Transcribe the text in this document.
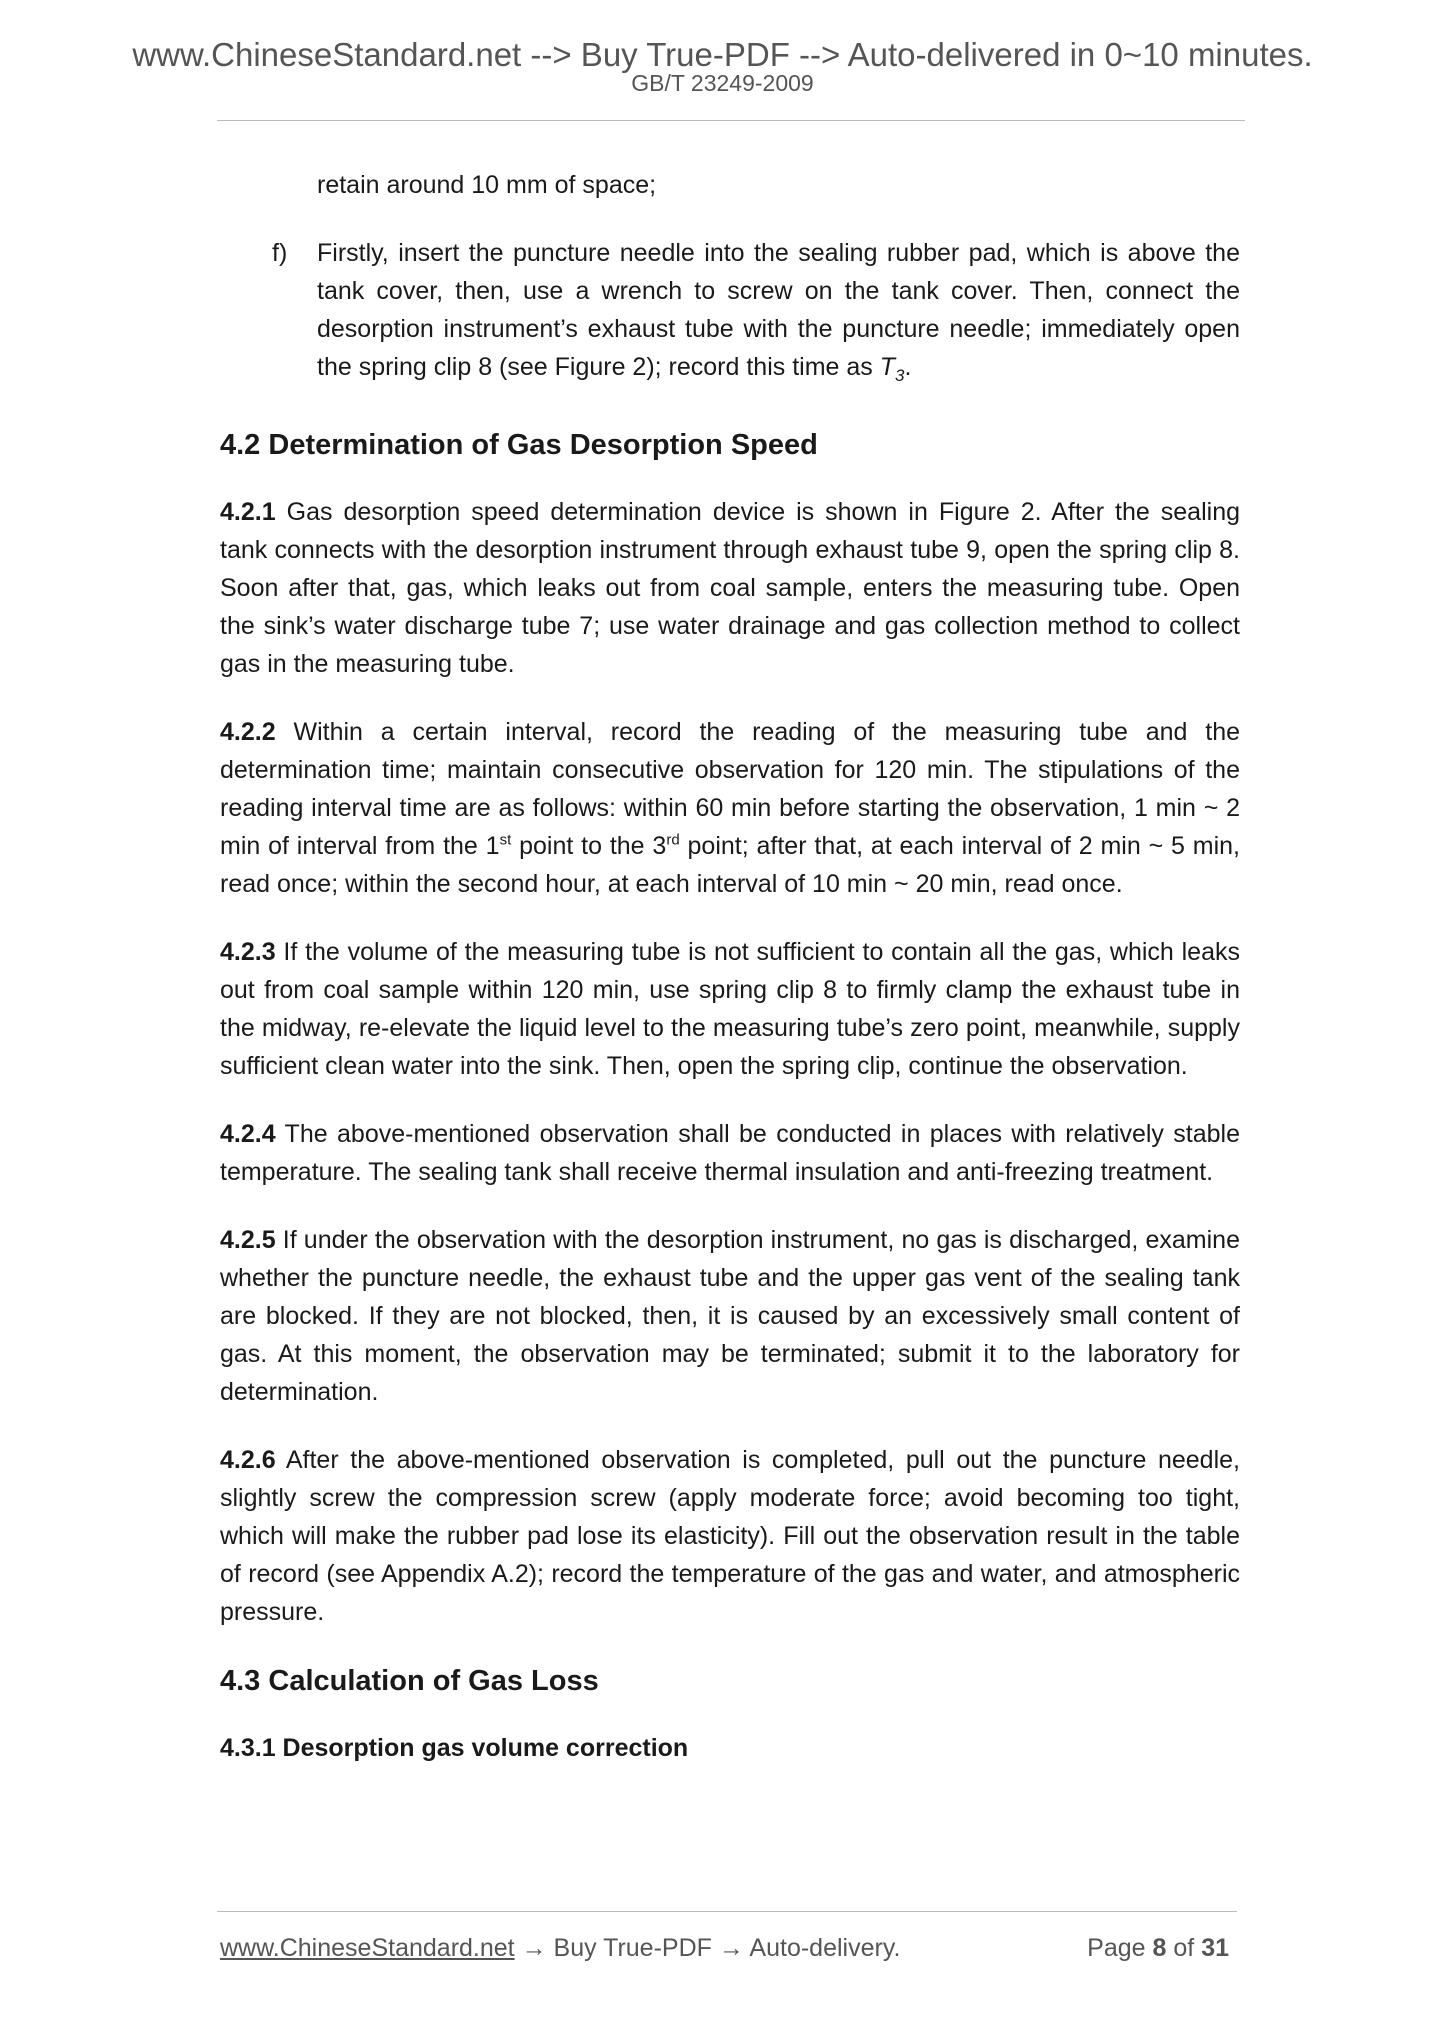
www.ChineseStandard.net --> Buy True-PDF --> Auto-delivered in 0~10 minutes.
GB/T 23249-2009

retain around 10 mm of space;

f) Firstly, insert the puncture needle into the sealing rubber pad, which is above the tank cover, then, use a wrench to screw on the tank cover. Then, connect the desorption instrument’s exhaust tube with the puncture needle; immediately open the spring clip 8 (see Figure 2); record this time as $T_3$.

4.2 Determination of Gas Desorption Speed

4.2.1 Gas desorption speed determination device is shown in Figure 2. After the sealing tank connects with the desorption instrument through exhaust tube 9, open the spring clip 8. Soon after that, gas, which leaks out from coal sample, enters the measuring tube. Open the sink’s water discharge tube 7; use water drainage and gas collection method to collect gas in the measuring tube.

4.2.2 Within a certain interval, record the reading of the measuring tube and the determination time; maintain consecutive observation for 120 min. The stipulations of the reading interval time are as follows: within 60 min before starting the observation, 1 min ~ 2 min of interval from the 1st point to the 3rd point; after that, at each interval of 2 min ~ 5 min, read once; within the second hour, at each interval of 10 min ~ 20 min, read once.

4.2.3 If the volume of the measuring tube is not sufficient to contain all the gas, which leaks out from coal sample within 120 min, use spring clip 8 to firmly clamp the exhaust tube in the midway, re-elevate the liquid level to the measuring tube’s zero point, meanwhile, supply sufficient clean water into the sink. Then, open the spring clip, continue the observation.

4.2.4 The above-mentioned observation shall be conducted in places with relatively stable temperature. The sealing tank shall receive thermal insulation and anti-freezing treatment.

4.2.5 If under the observation with the desorption instrument, no gas is discharged, examine whether the puncture needle, the exhaust tube and the upper gas vent of the sealing tank are blocked. If they are not blocked, then, it is caused by an excessively small content of gas. At this moment, the observation may be terminated; submit it to the laboratory for determination.

4.2.6 After the above-mentioned observation is completed, pull out the puncture needle, slightly screw the compression screw (apply moderate force; avoid becoming too tight, which will make the rubber pad lose its elasticity). Fill out the observation result in the table of record (see Appendix A.2); record the temperature of the gas and water, and atmospheric pressure.

4.3 Calculation of Gas Loss
4.3.1 Desorption gas volume correction
www.ChineseStandard.net → Buy True-PDF → Auto-delivery.	Page 8 of 31
